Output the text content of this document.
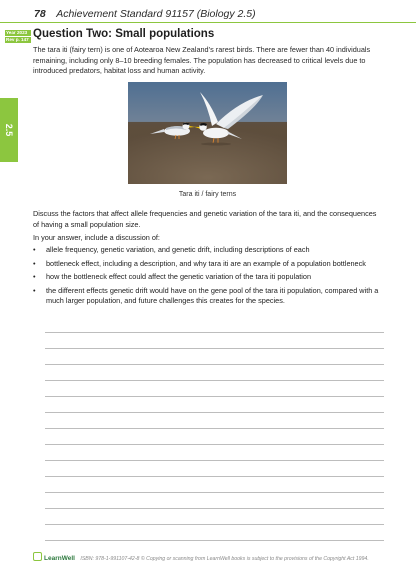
78 Achievement Standard 91157 (Biology 2.5)
Year 2023
Rev p. 147 Question Two: Small populations
The tara iti (fairy tern) is one of Aotearoa New Zealand’s rarest birds. There are fewer than 40 individuals remaining, including only 8–10 breeding females. The population has decreased to critical levels due to introduced predators, habitat loss and human activity.
2.5
Tara iti / fairy terns
Discuss the factors that affect allele frequencies and genetic variation of the tara iti, and the consequences of having a small population size.
In your answer, include a discussion of:
• allele frequency, genetic variation, and genetic drift, including descriptions of each
• bottleneck effect, including a description, and why tara iti are an example of a population bottleneck
• how the bottleneck effect could affect the genetic variation of the tara iti population
• the different effects genetic drift would have on the gene pool of the tara iti population, compared with a much larger population, and future challenges this creates for the species.
LearnWell ISBN: 978-1-991107-42-8 © Copying or scanning from LearnWell books is subject to the provisions of the Copyright Act 1994.
